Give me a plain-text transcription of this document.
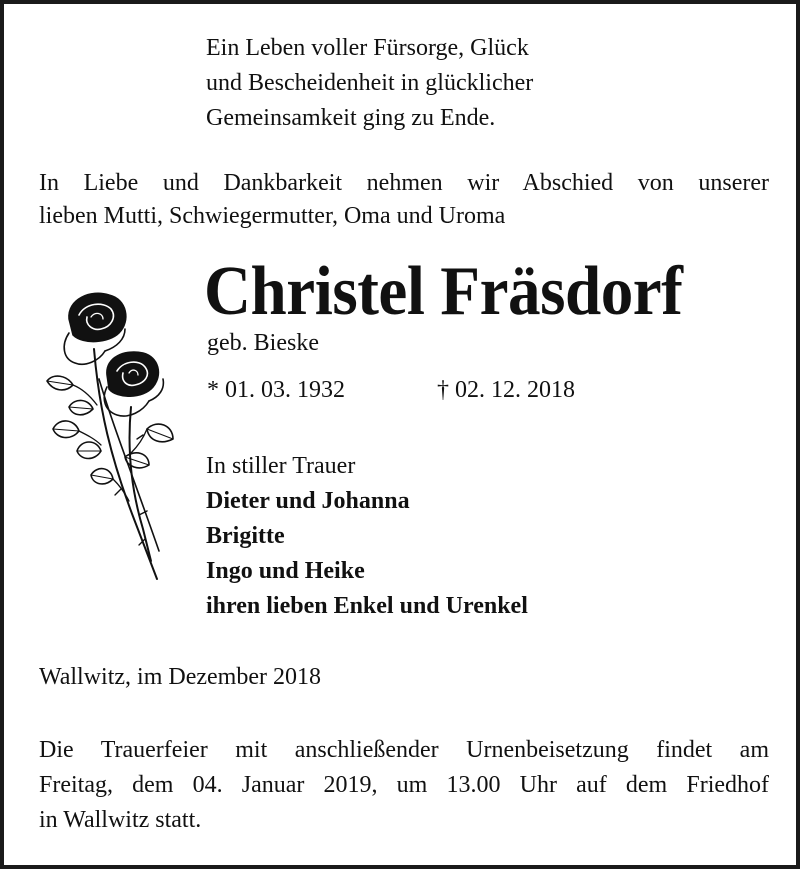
Ein Leben voller Fürsorge, Glück
und Bescheidenheit in glücklicher
Gemeinsamkeit ging zu Ende.
In Liebe und Dankbarkeit nehmen wir Abschied von unserer
lieben Mutti, Schwiegermutter, Oma und Uroma
Christel Fräsdorf
geb. Bieske
* 01. 03. 1932	† 02. 12. 2018
In stiller Trauer
Dieter und Johanna
Brigitte
Ingo und Heike
ihren lieben Enkel und Urenkel
Wallwitz, im Dezember 2018
Die Trauerfeier mit anschließender Urnenbeisetzung findet am
Freitag, dem 04. Januar 2019, um 13.00 Uhr auf dem Friedhof
in Wallwitz statt.
